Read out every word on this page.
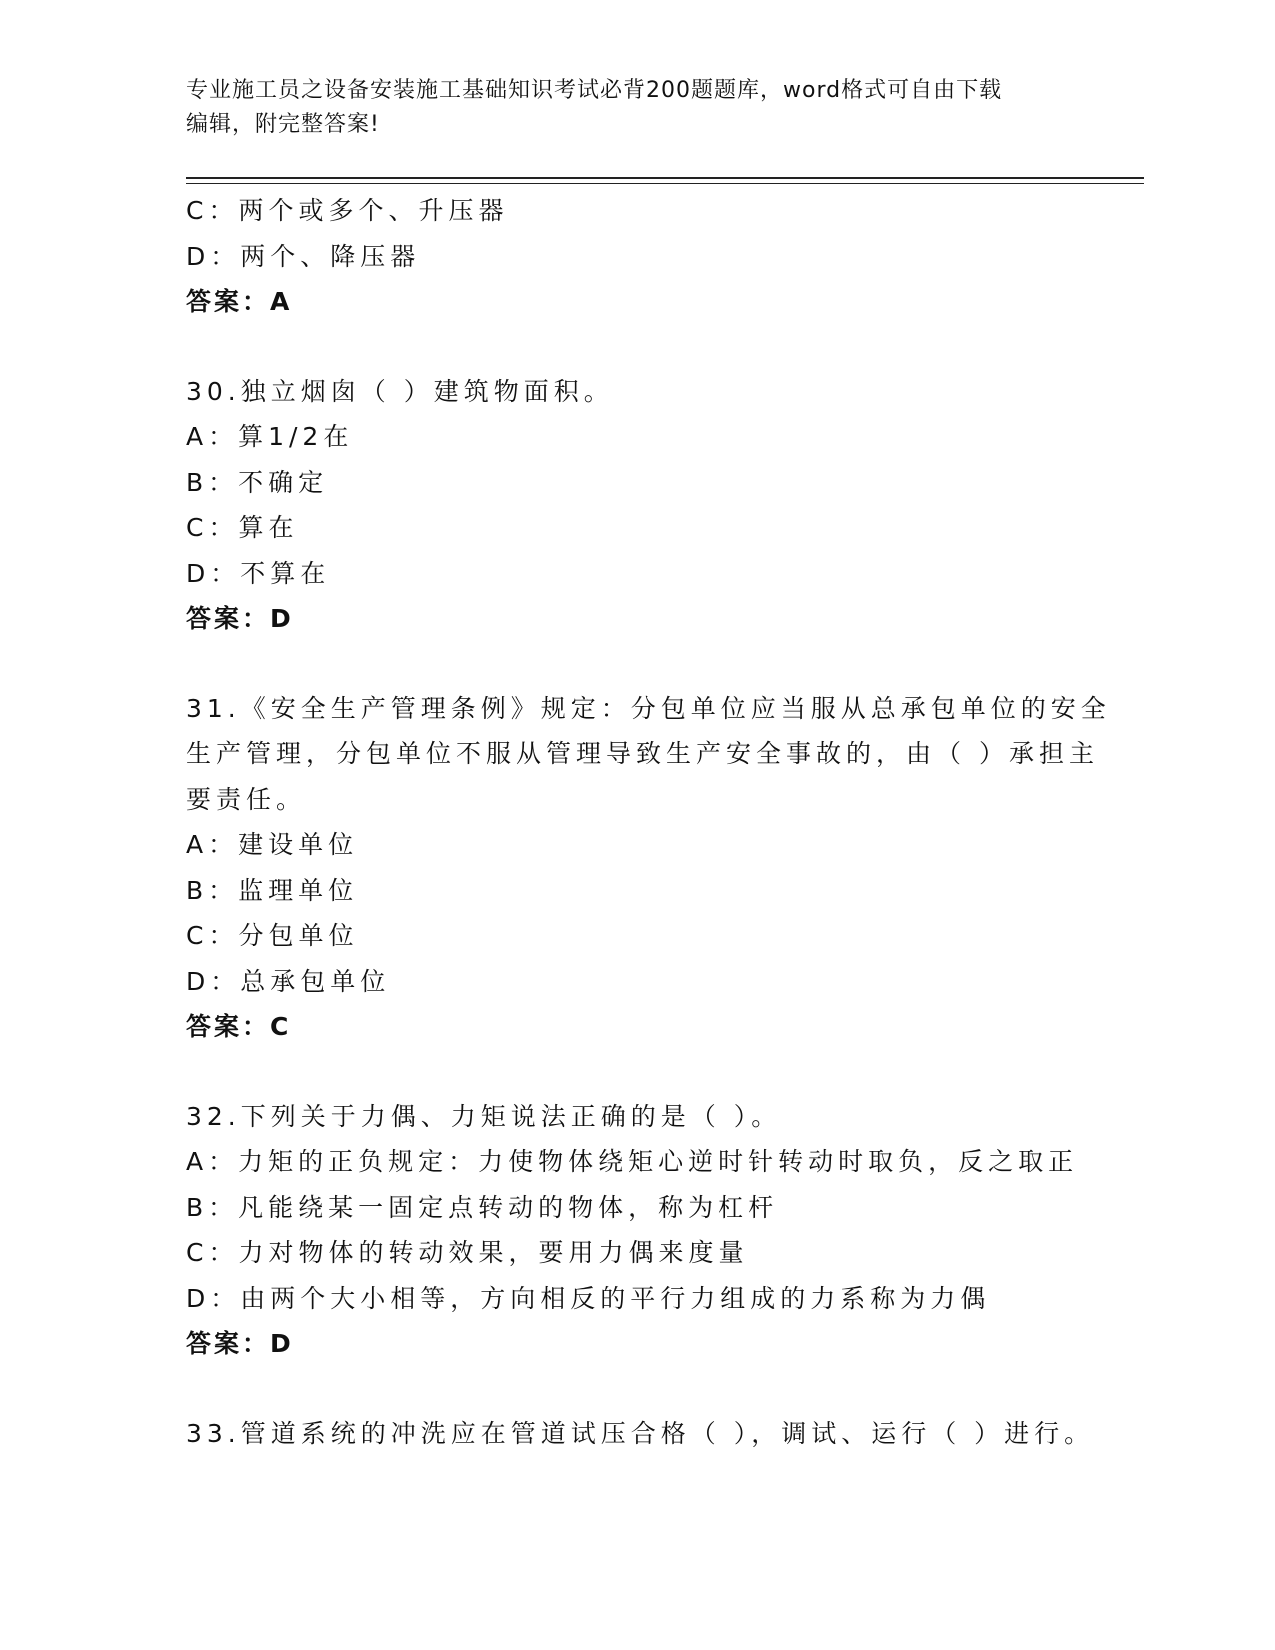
专业施工员之设备安装施工基础知识考试必背200题题库，word格式可自由下载
编辑，附完整答案!
C：两个或多个、升压器
D：两个、降压器
答案：A
30.独立烟囱（ ）建筑物面积。
A：算1/2在
B：不确定
C：算在
D：不算在
答案：D
31.《安全生产管理条例》规定：分包单位应当服从总承包单位的安全
生产管理，分包单位不服从管理导致生产安全事故的，由（ ）承担主
要责任。
A：建设单位
B：监理单位
C：分包单位
D：总承包单位
答案：C
32.下列关于力偶、力矩说法正确的是（ ）。
A：力矩的正负规定：力使物体绕矩心逆时针转动时取负，反之取正
B：凡能绕某一固定点转动的物体，称为杠杆
C：力对物体的转动效果，要用力偶来度量
D：由两个大小相等，方向相反的平行力组成的力系称为力偶
答案：D
33.管道系统的冲洗应在管道试压合格（ ），调试、运行（ ）进行。
